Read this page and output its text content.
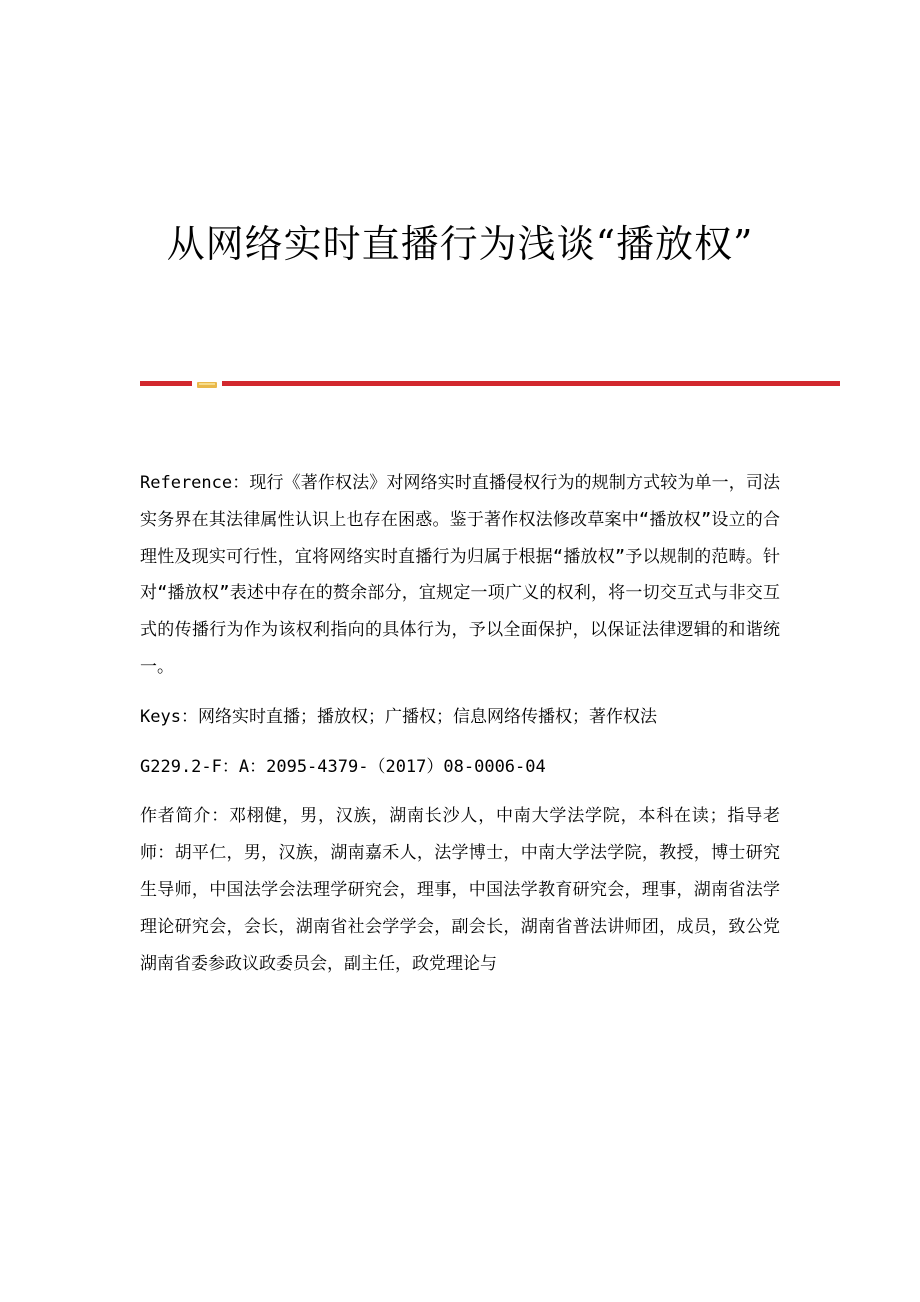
从网络实时直播行为浅谈“播放权”

Reference：现行《著作权法》对网络实时直播侵权行为的规制方式较为单一，司法实务界在其法律属性认识上也存在困惑。鉴于著作权法修改草案中“播放权”设立的合理性及现实可行性，宜将网络实时直播行为归属于根据“播放权”予以规制的范畴。针对“播放权”表述中存在的赘余部分，宜规定一项广义的权利，将一切交互式与非交互式的传播行为作为该权利指向的具体行为，予以全面保护，以保证法律逻辑的和谐统一。

Keys：网络实时直播；播放权；广播权；信息网络传播权；著作权法

G229.2-F：A：2095-4379-（2017）08-0006-04

作者简介：邓栩健，男，汉族，湖南长沙人，中南大学法学院，本科在读；指导老师：胡平仁，男，汉族，湖南嘉禾人，法学博士，中南大学法学院，教授，博士研究生导师，中国法学会法理学研究会，理事，中国法学教育研究会，理事，湖南省法学理论研究会，会长，湖南省社会学学会，副会长，湖南省普法讲师团，成员，致公党湖南省委参政议政委员会，副主任，政党理论与
